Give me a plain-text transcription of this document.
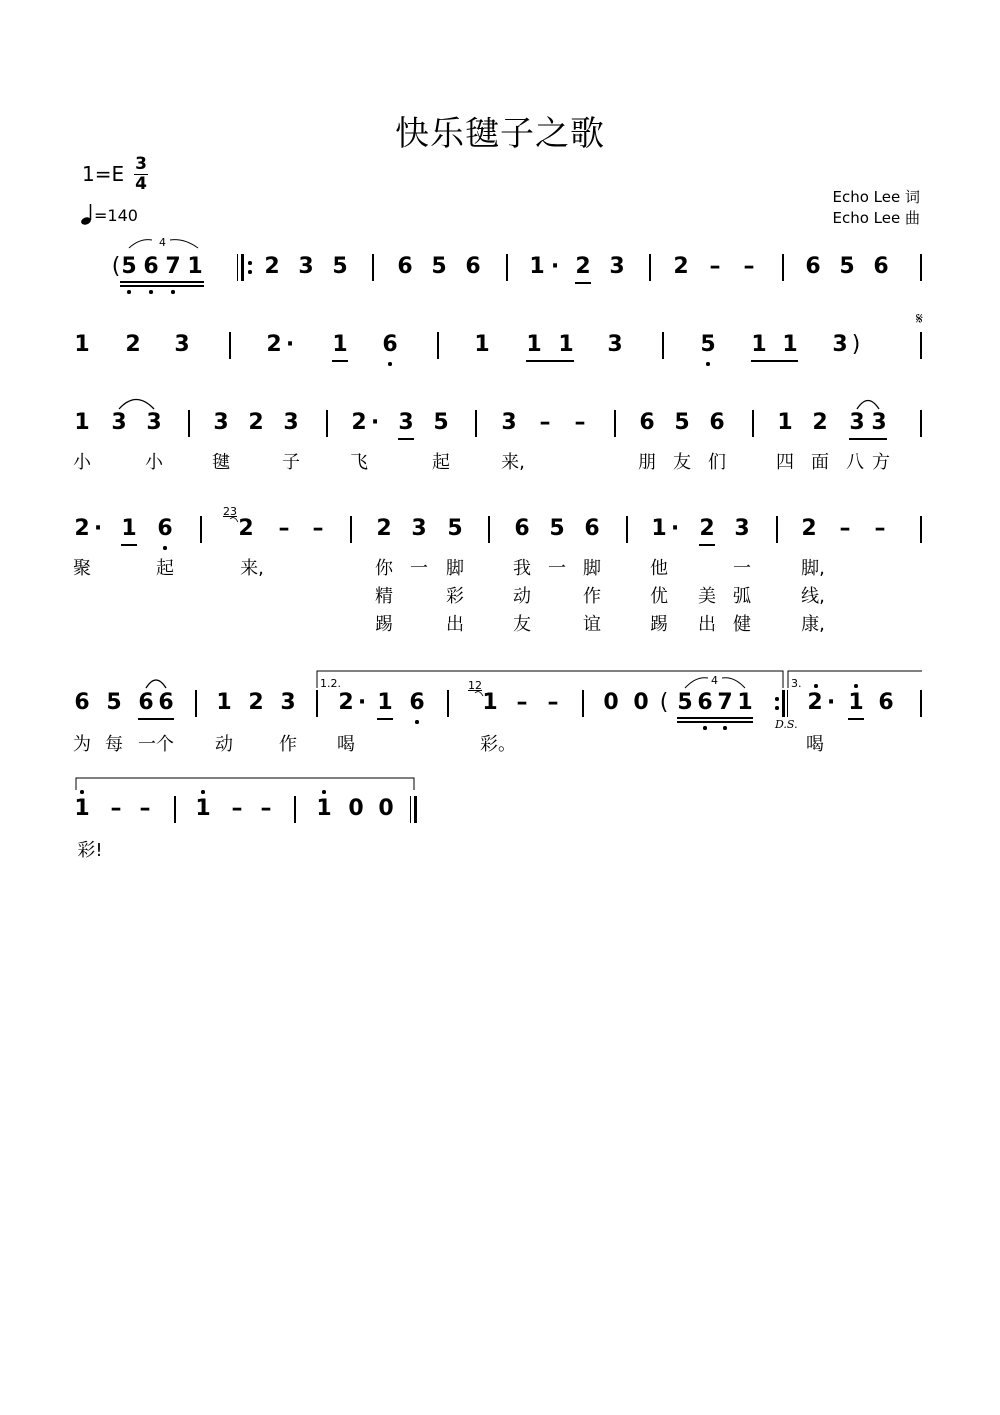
快乐毽子之歌
1=E 3
4
=140
Echo Lee 词
Echo Lee 曲
( 5 6 7 1	2 3 5 6 5 6 1 · 2 3 2 – – 6 5 6
4
1 2 3	2 · 1 6	1 1 1 3	5 1 1 3 )
𝄋
1 3 3 3 2 3 2 · 3 5 3 – – 6 5 6 1 2 3 3
小	小	毽	子	飞	起	来,	朋 友 们	四 面 八 方
2 · 1 6	2 – – 2 3 5 6 5 6 1 · 2 3 2 – –
23
聚	起	来,	你 一 脚	我 一 脚	他	一	脚,
精	彩	动	作	优 美 弧	线,
踢	出	友	谊	踢 出 健	康,
6 5 6 6 1 2 3 2 · 1 6	1 – – 0 0 ( 5 6 7 1 2 · 1 6
1.2.	3.
12	4
D.S.
为 每 一个 动	作 喝	彩。	喝
1 – – 1 – – 1 0 0
彩!
